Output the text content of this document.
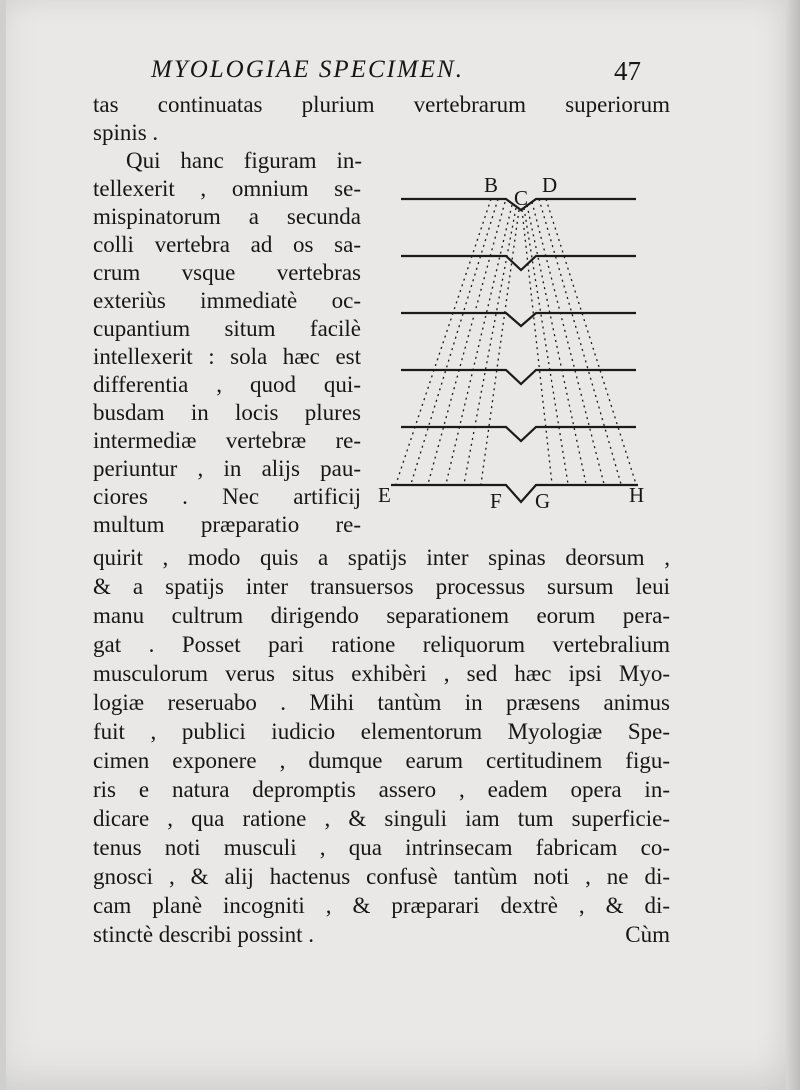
MYOLOGIAE SPECIMEN.	47
tas continuatas plurium vertebrarum superiorum
spinis .
Qui hanc figuram in-
tellexerit , omnium se-
mispinatorum a secunda
colli vertebra ad os sa-
crum vsque vertebras
exteriùs immediatè oc-
cupantium situm facilè
intellexerit : sola hæc est
differentia , quod qui-
busdam in locis plures
intermediæ vertebræ re-
periuntur , in alijs pau-
ciores . Nec artificij
multum præparatio re-
quirit , modo quis a spatijs inter spinas deorsum ,
& a spatijs inter transuersos processus sursum leui
manu cultrum dirigendo separationem eorum pera-
gat . Posset pari ratione reliquorum vertebralium
musculorum verus situs exhibèri , sed hæc ipsi Myo-
logiæ reseruabo . Mihi tantùm in præsens animus
fuit , publici iudicio elementorum Myologiæ Spe-
cimen exponere , dumque earum certitudinem figu-
ris e natura depromptis assero , eadem opera in-
dicare , qua ratione , & singuli iam tum superficie-
tenus noti musculi , qua intrinsecam fabricam co-
gnosci , & alij hactenus confusè tantùm noti , ne di-
cam planè incogniti , & præparari dextrè , & di-
stinctè describi possint .	Cùm
B
C
D
E	F G	H
